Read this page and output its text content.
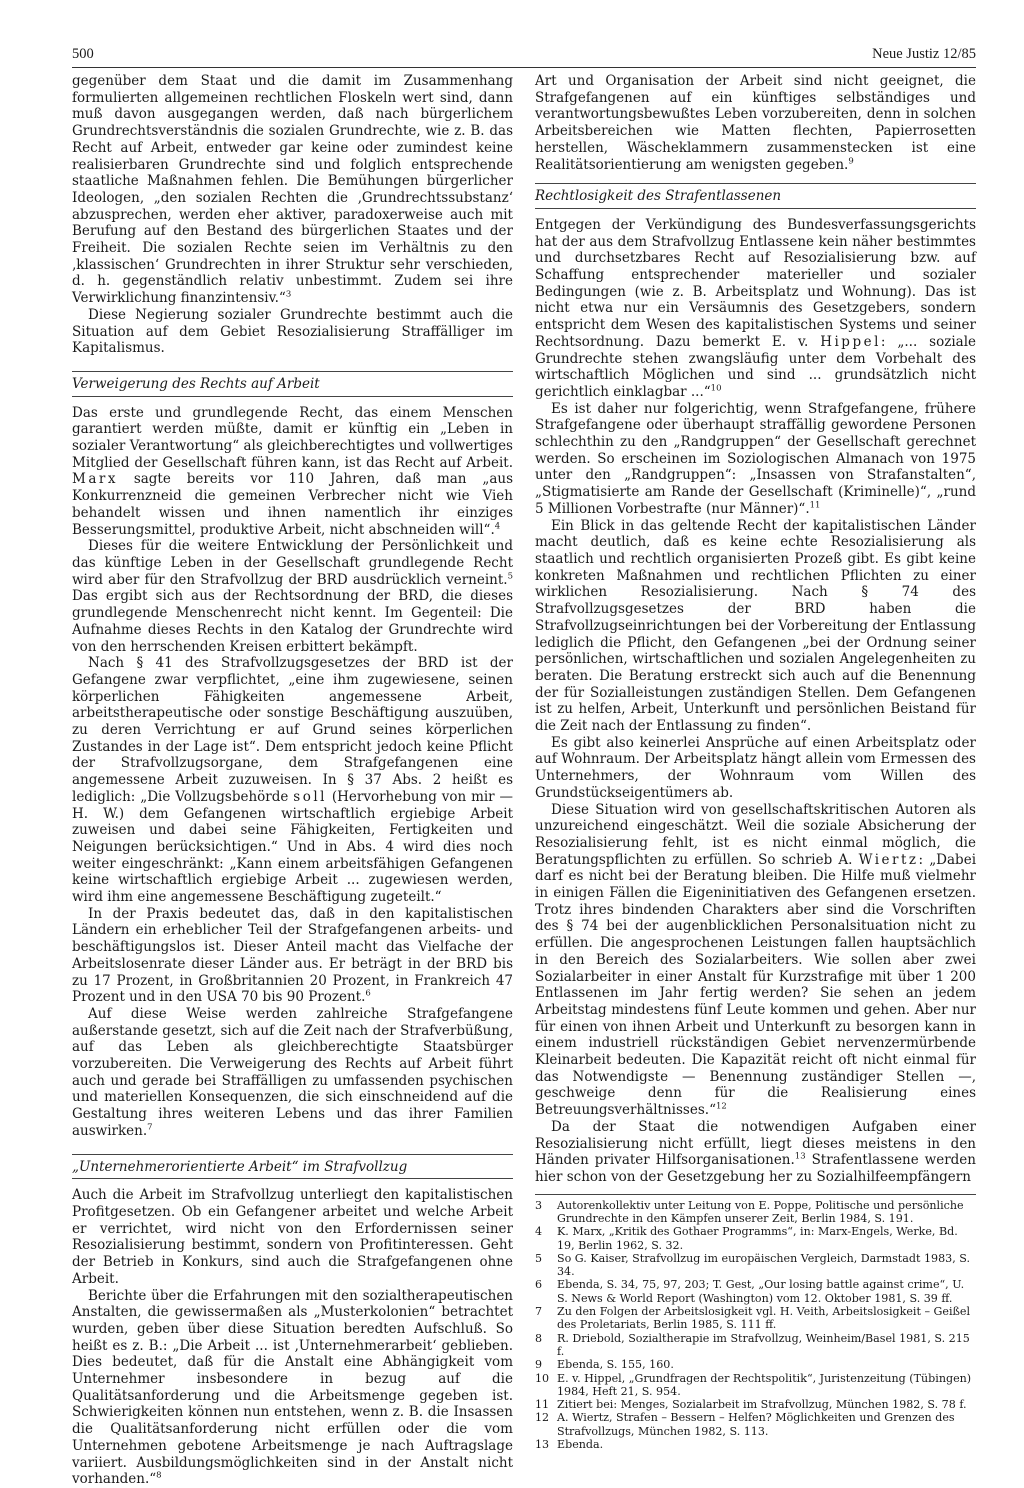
500	Neue Justiz 12/85

gegenüber dem Staat und die damit im Zusammenhang formulierten allgemeinen rechtlichen Floskeln wert sind, dann muß davon ausgegangen werden, daß nach bürgerlichem Grundrechtsverständnis die sozialen Grundrechte, wie z. B. das Recht auf Arbeit, entweder gar keine oder zumindest keine realisierbaren Grundrechte sind und folglich entsprechende staatliche Maßnahmen fehlen. Die Bemühungen bürgerlicher Ideologen, „den sozialen Rechten die ‚Grundrechtssubstanz‘ abzusprechen, werden eher aktiver, paradoxerweise auch mit Berufung auf den Bestand des bürgerlichen Staates und der Freiheit. Die sozialen Rechte seien im Verhältnis zu den ‚klassischen‘ Grundrechten in ihrer Struktur sehr verschieden, d. h. gegenständlich relativ unbestimmt. Zudem sei ihre Verwirklichung finanzintensiv.“$^3$

Diese Negierung sozialer Grundrechte bestimmt auch die Situation auf dem Gebiet Resozialisierung Straffälliger im Kapitalismus.

Verweigerung des Rechts auf Arbeit

Das erste und grundlegende Recht, das einem Menschen garantiert werden müßte, damit er künftig ein „Leben in sozialer Verantwortung“ als gleichberechtigtes und vollwertiges Mitglied der Gesellschaft führen kann, ist das Recht auf Arbeit. Marx sagte bereits vor 110 Jahren, daß man „aus Konkurrenzneid die gemeinen Verbrecher nicht wie Vieh behandelt wissen und ihnen namentlich ihr einziges Besserungsmittel, produktive Arbeit, nicht abschneiden will“.$^4$

Dieses für die weitere Entwicklung der Persönlichkeit und das künftige Leben in der Gesellschaft grundlegende Recht wird aber für den Strafvollzug der BRD ausdrücklich verneint.$^5$ Das ergibt sich aus der Rechtsordnung der BRD, die dieses grundlegende Menschenrecht nicht kennt. Im Gegenteil: Die Aufnahme dieses Rechts in den Katalog der Grundrechte wird von den herrschenden Kreisen erbittert bekämpft.

Nach § 41 des Strafvollzugsgesetzes der BRD ist der Gefangene zwar verpflichtet, „eine ihm zugewiesene, seinen körperlichen Fähigkeiten angemessene Arbeit, arbeitstherapeutische oder sonstige Beschäftigung auszuüben, zu deren Verrichtung er auf Grund seines körperlichen Zustandes in der Lage ist“. Dem entspricht jedoch keine Pflicht der Strafvollzugsorgane, dem Strafgefangenen eine angemessene Arbeit zuzuweisen. In § 37 Abs. 2 heißt es lediglich: „Die Vollzugsbehörde soll (Hervorhebung von mir — H. W.) dem Gefangenen wirtschaftlich ergiebige Arbeit zuweisen und dabei seine Fähigkeiten, Fertigkeiten und Neigungen berücksichtigen.“ Und in Abs. 4 wird dies noch weiter eingeschränkt: „Kann einem arbeitsfähigen Gefangenen keine wirtschaftlich ergiebige Arbeit ... zugewiesen werden, wird ihm eine angemessene Beschäftigung zugeteilt.“

In der Praxis bedeutet das, daß in den kapitalistischen Ländern ein erheblicher Teil der Strafgefangenen arbeits- und beschäftigungslos ist. Dieser Anteil macht das Vielfache der Arbeitslosenrate dieser Länder aus. Er beträgt in der BRD bis zu 17 Prozent, in Großbritannien 20 Prozent, in Frankreich 47 Prozent und in den USA 70 bis 90 Prozent.$^6$

Auf diese Weise werden zahlreiche Strafgefangene außerstande gesetzt, sich auf die Zeit nach der Strafverbüßung, auf das Leben als gleichberechtigte Staatsbürger vorzubereiten. Die Verweigerung des Rechts auf Arbeit führt auch und gerade bei Straffälligen zu umfassenden psychischen und materiellen Konsequenzen, die sich einschneidend auf die Gestaltung ihres weiteren Lebens und das ihrer Familien auswirken.$^7$

„Unternehmerorientierte Arbeit“ im Strafvollzug

Auch die Arbeit im Strafvollzug unterliegt den kapitalistischen Profitgesetzen. Ob ein Gefangener arbeitet und welche Arbeit er verrichtet, wird nicht von den Erfordernissen seiner Resozialisierung bestimmt, sondern von Profitinteressen. Geht der Betrieb in Konkurs, sind auch die Strafgefangenen ohne Arbeit.

Berichte über die Erfahrungen mit den sozialtherapeutischen Anstalten, die gewissermaßen als „Musterkolonien“ betrachtet wurden, geben über diese Situation beredten Aufschluß. So heißt es z. B.: „Die Arbeit ... ist ‚Unternehmerarbeit‘ geblieben. Dies bedeutet, daß für die Anstalt eine Abhängigkeit vom Unternehmer insbesondere in bezug auf die Qualitätsanforderung und die Arbeitsmenge gegeben ist. Schwierigkeiten können nun entstehen, wenn z. B. die Insassen die Qualitätsanforderung nicht erfüllen oder die vom Unternehmen gebotene Arbeitsmenge je nach Auftragslage variiert. Ausbildungsmöglichkeiten sind in der Anstalt nicht vorhanden.“$^8$

Art und Organisation der Arbeit sind nicht geeignet, die Strafgefangenen auf ein künftiges selbständiges und verantwortungsbewußtes Leben vorzubereiten, denn in solchen Arbeitsbereichen wie Matten flechten, Papierrosetten herstellen, Wäscheklammern zusammenstecken ist eine Realitätsorientierung am wenigsten gegeben.$^9$

Rechtlosigkeit des Strafentlassenen

Entgegen der Verkündigung des Bundesverfassungsgerichts hat der aus dem Strafvollzug Entlassene kein näher bestimmtes und durchsetzbares Recht auf Resozialisierung bzw. auf Schaffung entsprechender materieller und sozialer Bedingungen (wie z. B. Arbeitsplatz und Wohnung). Das ist nicht etwa nur ein Versäumnis des Gesetzgebers, sondern entspricht dem Wesen des kapitalistischen Systems und seiner Rechtsordnung. Dazu bemerkt E. v. Hippel: „... soziale Grundrechte stehen zwangsläufig unter dem Vorbehalt des wirtschaftlich Möglichen und sind ... grundsätzlich nicht gerichtlich einklagbar ...“$^{10}$

Es ist daher nur folgerichtig, wenn Strafgefangene, frühere Strafgefangene oder überhaupt straffällig gewordene Personen schlechthin zu den „Randgruppen“ der Gesellschaft gerechnet werden. So erscheinen im Soziologischen Almanach von 1975 unter den „Randgruppen“: „Insassen von Strafanstalten“, „Stigmatisierte am Rande der Gesellschaft (Kriminelle)“, „rund 5 Millionen Vorbestrafte (nur Männer)“.$^{11}$

Ein Blick in das geltende Recht der kapitalistischen Länder macht deutlich, daß es keine echte Resozialisierung als staatlich und rechtlich organisierten Prozeß gibt. Es gibt keine konkreten Maßnahmen und rechtlichen Pflichten zu einer wirklichen Resozialisierung. Nach § 74 des Strafvollzugsgesetzes der BRD haben die Strafvollzugseinrichtungen bei der Vorbereitung der Entlassung lediglich die Pflicht, den Gefangenen „bei der Ordnung seiner persönlichen, wirtschaftlichen und sozialen Angelegenheiten zu beraten. Die Beratung erstreckt sich auch auf die Benennung der für Sozialleistungen zuständigen Stellen. Dem Gefangenen ist zu helfen, Arbeit, Unterkunft und persönlichen Beistand für die Zeit nach der Entlassung zu finden“.

Es gibt also keinerlei Ansprüche auf einen Arbeitsplatz oder auf Wohnraum. Der Arbeitsplatz hängt allein vom Ermessen des Unternehmers, der Wohnraum vom Willen des Grundstückseigentümers ab.

Diese Situation wird von gesellschaftskritischen Autoren als unzureichend eingeschätzt. Weil die soziale Absicherung der Resozialisierung fehlt, ist es nicht einmal möglich, die Beratungspflichten zu erfüllen. So schrieb A. Wiertz: „Dabei darf es nicht bei der Beratung bleiben. Die Hilfe muß vielmehr in einigen Fällen die Eigeninitiativen des Gefangenen ersetzen. Trotz ihres bindenden Charakters aber sind die Vorschriften des § 74 bei der augenblicklichen Personalsituation nicht zu erfüllen. Die angesprochenen Leistungen fallen hauptsächlich in den Bereich des Sozialarbeiters. Wie sollen aber zwei Sozialarbeiter in einer Anstalt für Kurzstrafige mit über 1 200 Entlassenen im Jahr fertig werden? Sie sehen an jedem Arbeitstag mindestens fünf Leute kommen und gehen. Aber nur für einen von ihnen Arbeit und Unterkunft zu besorgen kann in einem industriell rückständigen Gebiet nervenzermürbende Kleinarbeit bedeuten. Die Kapazität reicht oft nicht einmal für das Notwendigste — Benennung zuständiger Stellen —, geschweige denn für die Realisierung eines Betreuungsverhältnisses.“$^{12}$

Da der Staat die notwendigen Aufgaben einer Resozialisierung nicht erfüllt, liegt dieses meistens in den Händen privater Hilfsorganisationen.$^{13}$ Strafentlassene werden hier schon von der Gesetzgebung her zu Sozialhilfeempfängern

3	Autorenkollektiv unter Leitung von E. Poppe, Politische und persönliche Grundrechte in den Kämpfen unserer Zeit, Berlin 1984, S. 191.
4	K. Marx, „Kritik des Gothaer Programms“, in: Marx-Engels, Werke, Bd. 19, Berlin 1962, S. 32.
5	So G. Kaiser, Strafvollzug im europäischen Vergleich, Darmstadt 1983, S. 34.
6	Ebenda, S. 34, 75, 97, 203; T. Gest, „Our losing battle against crime“, U. S. News & World Report (Washington) vom 12. Oktober 1981, S. 39 ff.
7	Zu den Folgen der Arbeitslosigkeit vgl. H. Veith, Arbeitslosigkeit – Geißel des Proletariats, Berlin 1985, S. 111 ff.
8	R. Driebold, Sozialtherapie im Strafvollzug, Weinheim/Basel 1981, S. 215 f.
9	Ebenda, S. 155, 160.
10 E. v. Hippel, „Grundfragen der Rechtspolitik“, Juristenzeitung (Tübingen) 1984, Heft 21, S. 954.
11 Zitiert bei: Menges, Sozialarbeit im Strafvollzug, München 1982, S. 78 f.
12 A. Wiertz, Strafen – Bessern – Helfen? Möglichkeiten und Grenzen des Strafvollzugs, München 1982, S. 113.
13 Ebenda.
